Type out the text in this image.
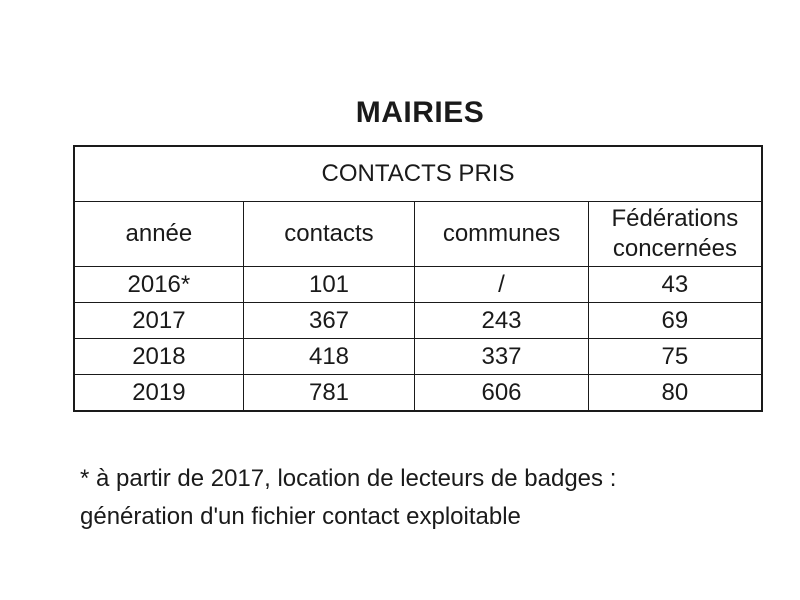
MAIRIES
CONTACTS PRIS			
année	contacts	communes	Fédérations concernées
2016*	101	/	43
2017	367	243	69
2018	418	337	75
2019	781	606	80
* à partir de 2017, location de lecteurs de badges :
génération d'un fichier contact exploitable
